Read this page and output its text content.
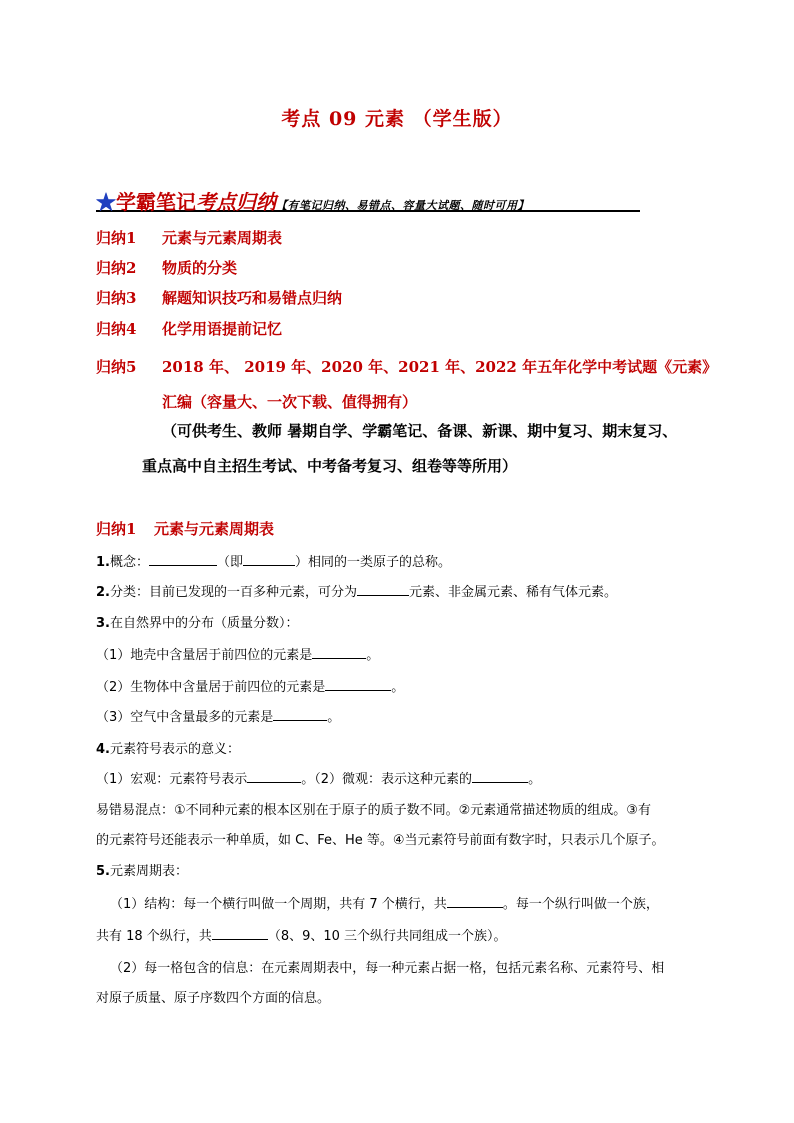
考点 09 元素 （学生版）
★学霸笔记考点归纳【有笔记归纳、易错点、容量大试题、随时可用】
归纳1 元素与元素周期表
归纳2 物质的分类
归纳3 解题知识技巧和易错点归纳
归纳4 化学用语提前记忆
归纳5 2018 年、 2019 年、2020 年、2021 年、2022 年五年化学中考试题《元素》
汇编（容量大、一次下载、值得拥有）
（可供考生、教师 暑期自学、学霸笔记、备课、新课、期中复习、期末复习、
重点高中自主招生考试、中考备考复习、组卷等等所用）
归纳1 元素与元素周期表
1.概念：	（即	）相同的一类原子的总称。
2.分类：目前已发现的一百多种元素，可分为	元素、非金属元素、稀有气体元素。
3.在自然界中的分布（质量分数）：
（1）地壳中含量居于前四位的元素是	。
（2）生物体中含量居于前四位的元素是	。
（3）空气中含量最多的元素是	。
4.元素符号表示的意义：
（1）宏观：元素符号表示	。（2）微观：表示这种元素的	。
易错易混点：①不同种元素的根本区别在于原子的质子数不同。②元素通常描述物质的组成。③有
的元素符号还能表示一种单质，如 C、Fe、He 等。④当元素符号前面有数字时，只表示几个原子。
5.元素周期表：
（1）结构：每一个横行叫做一个周期，共有 7 个横行，共	。每一个纵行叫做一个族，
共有 18 个纵行，共	（8、9、10 三个纵行共同组成一个族）。
（2）每一格包含的信息：在元素周期表中，每一种元素占据一格，包括元素名称、元素符号、相
对原子质量、原子序数四个方面的信息。
